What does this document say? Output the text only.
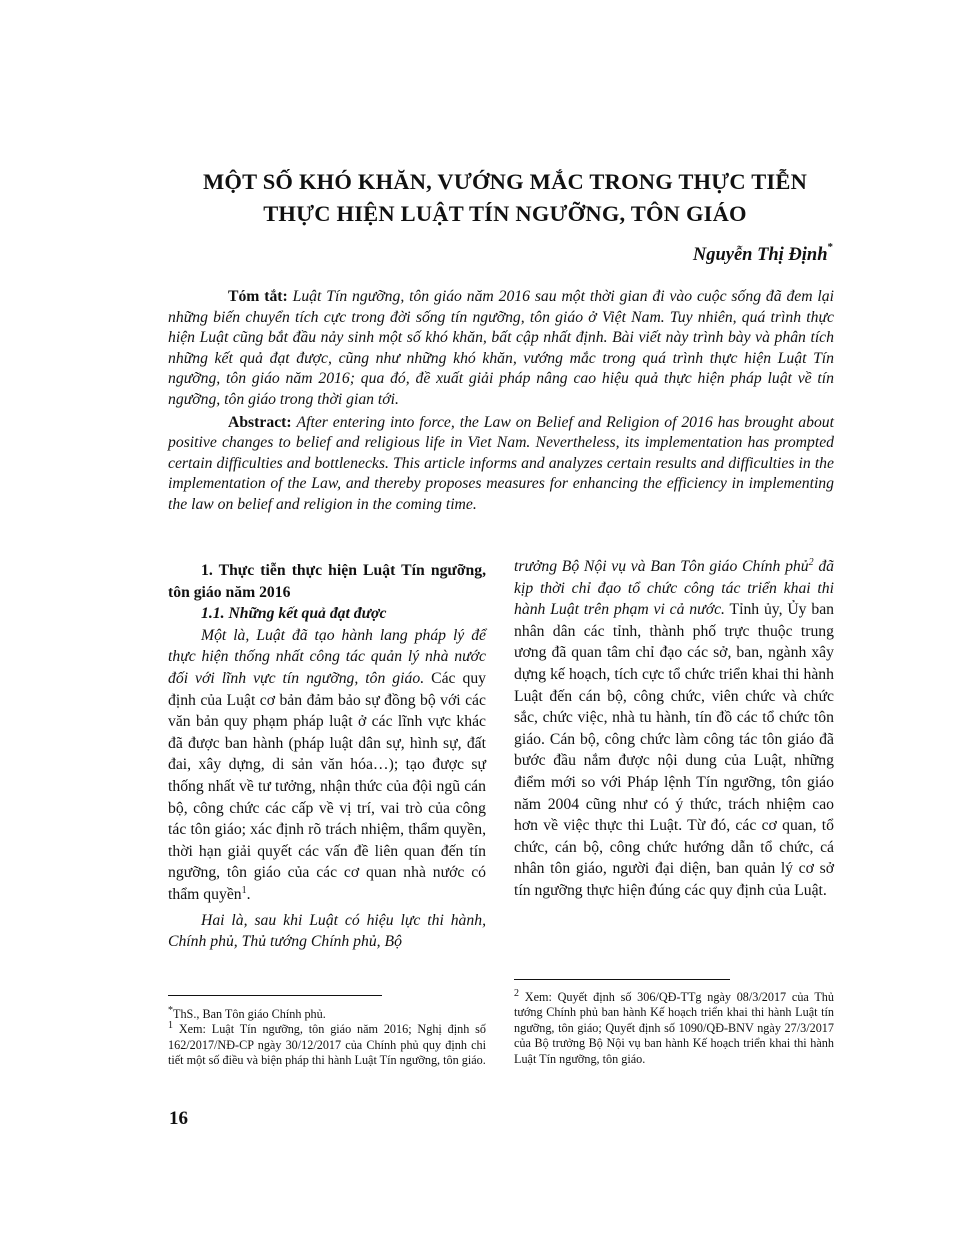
MỘT SỐ KHÓ KHĂN, VƯỚNG MẮC TRONG THỰC TIỄN
THỰC HIỆN LUẬT TÍN NGƯỠNG, TÔN GIÁO
Nguyễn Thị Định*

Tóm tắt: Luật Tín ngưỡng, tôn giáo năm 2016 sau một thời gian đi vào cuộc sống đã đem lại những biến chuyển tích cực trong đời sống tín ngưỡng, tôn giáo ở Việt Nam. Tuy nhiên, quá trình thực hiện Luật cũng bắt đầu nảy sinh một số khó khăn, bất cập nhất định. Bài viết này trình bày và phân tích những kết quả đạt được, cũng như những khó khăn, vướng mắc trong quá trình thực hiện Luật Tín ngưỡng, tôn giáo năm 2016; qua đó, đề xuất giải pháp nâng cao hiệu quả thực hiện pháp luật về tín ngưỡng, tôn giáo trong thời gian tới.

Abstract: After entering into force, the Law on Belief and Religion of 2016 has brought about positive changes to belief and religious life in Viet Nam. Nevertheless, its implementation has prompted certain difficulties and bottlenecks. This article informs and analyzes certain results and difficulties in the implementation of the Law, and thereby proposes measures for enhancing the efficiency in implementing the law on belief and religion in the coming time.

1. Thực tiễn thực hiện Luật Tín ngưỡng, tôn giáo năm 2016

1.1. Những kết quả đạt được

Một là, Luật đã tạo hành lang pháp lý để thực hiện thống nhất công tác quản lý nhà nước đối với lĩnh vực tín ngưỡng, tôn giáo. Các quy định của Luật cơ bản đảm bảo sự đồng bộ với các văn bản quy phạm pháp luật ở các lĩnh vực khác đã được ban hành (pháp luật dân sự, hình sự, đất đai, xây dựng, di sản văn hóa…); tạo được sự thống nhất về tư tưởng, nhận thức của đội ngũ cán bộ, công chức các cấp về vị trí, vai trò của công tác tôn giáo; xác định rõ trách nhiệm, thẩm quyền, thời hạn giải quyết các vấn đề liên quan đến tín ngưỡng, tôn giáo của các cơ quan nhà nước có thẩm quyền$^1$.

Hai là, sau khi Luật có hiệu lực thi hành, Chính phủ, Thủ tướng Chính phủ, Bộ

trưởng Bộ Nội vụ và Ban Tôn giáo Chính phủ$^2$ đã kịp thời chỉ đạo tổ chức công tác triển khai thi hành Luật trên phạm vi cả nước. Tỉnh ủy, Ủy ban nhân dân các tỉnh, thành phố trực thuộc trung ương đã quan tâm chỉ đạo các sở, ban, ngành xây dựng kế hoạch, tích cực tổ chức triển khai thi hành Luật đến cán bộ, công chức, viên chức và chức sắc, chức việc, nhà tu hành, tín đồ các tổ chức tôn giáo. Cán bộ, công chức làm công tác tôn giáo đã bước đầu nắm được nội dung của Luật, những điểm mới so với Pháp lệnh Tín ngưỡng, tôn giáo năm 2004 cũng như có ý thức, trách nhiệm cao hơn về việc thực thi Luật. Từ đó, các cơ quan, tổ chức, cán bộ, công chức hướng dẫn tổ chức, cá nhân tôn giáo, người đại diện, ban quản lý cơ sở tín ngưỡng thực hiện đúng các quy định của Luật.

*ThS., Ban Tôn giáo Chính phủ.

$^1$ Xem: Luật Tín ngưỡng, tôn giáo năm 2016; Nghị định số 162/2017/NĐ-CP ngày 30/12/2017 của Chính phủ quy định chi tiết một số điều và biện pháp thi hành Luật Tín ngưỡng, tôn giáo.

$^2$ Xem: Quyết định số 306/QĐ-TTg ngày 08/3/2017 của Thủ tướng Chính phủ ban hành Kế hoạch triển khai thi hành Luật tín ngưỡng, tôn giáo; Quyết định số 1090/QĐ-BNV ngày 27/3/2017 của Bộ trưởng Bộ Nội vụ ban hành Kế hoạch triển khai thi hành Luật Tín ngưỡng, tôn giáo.

16
